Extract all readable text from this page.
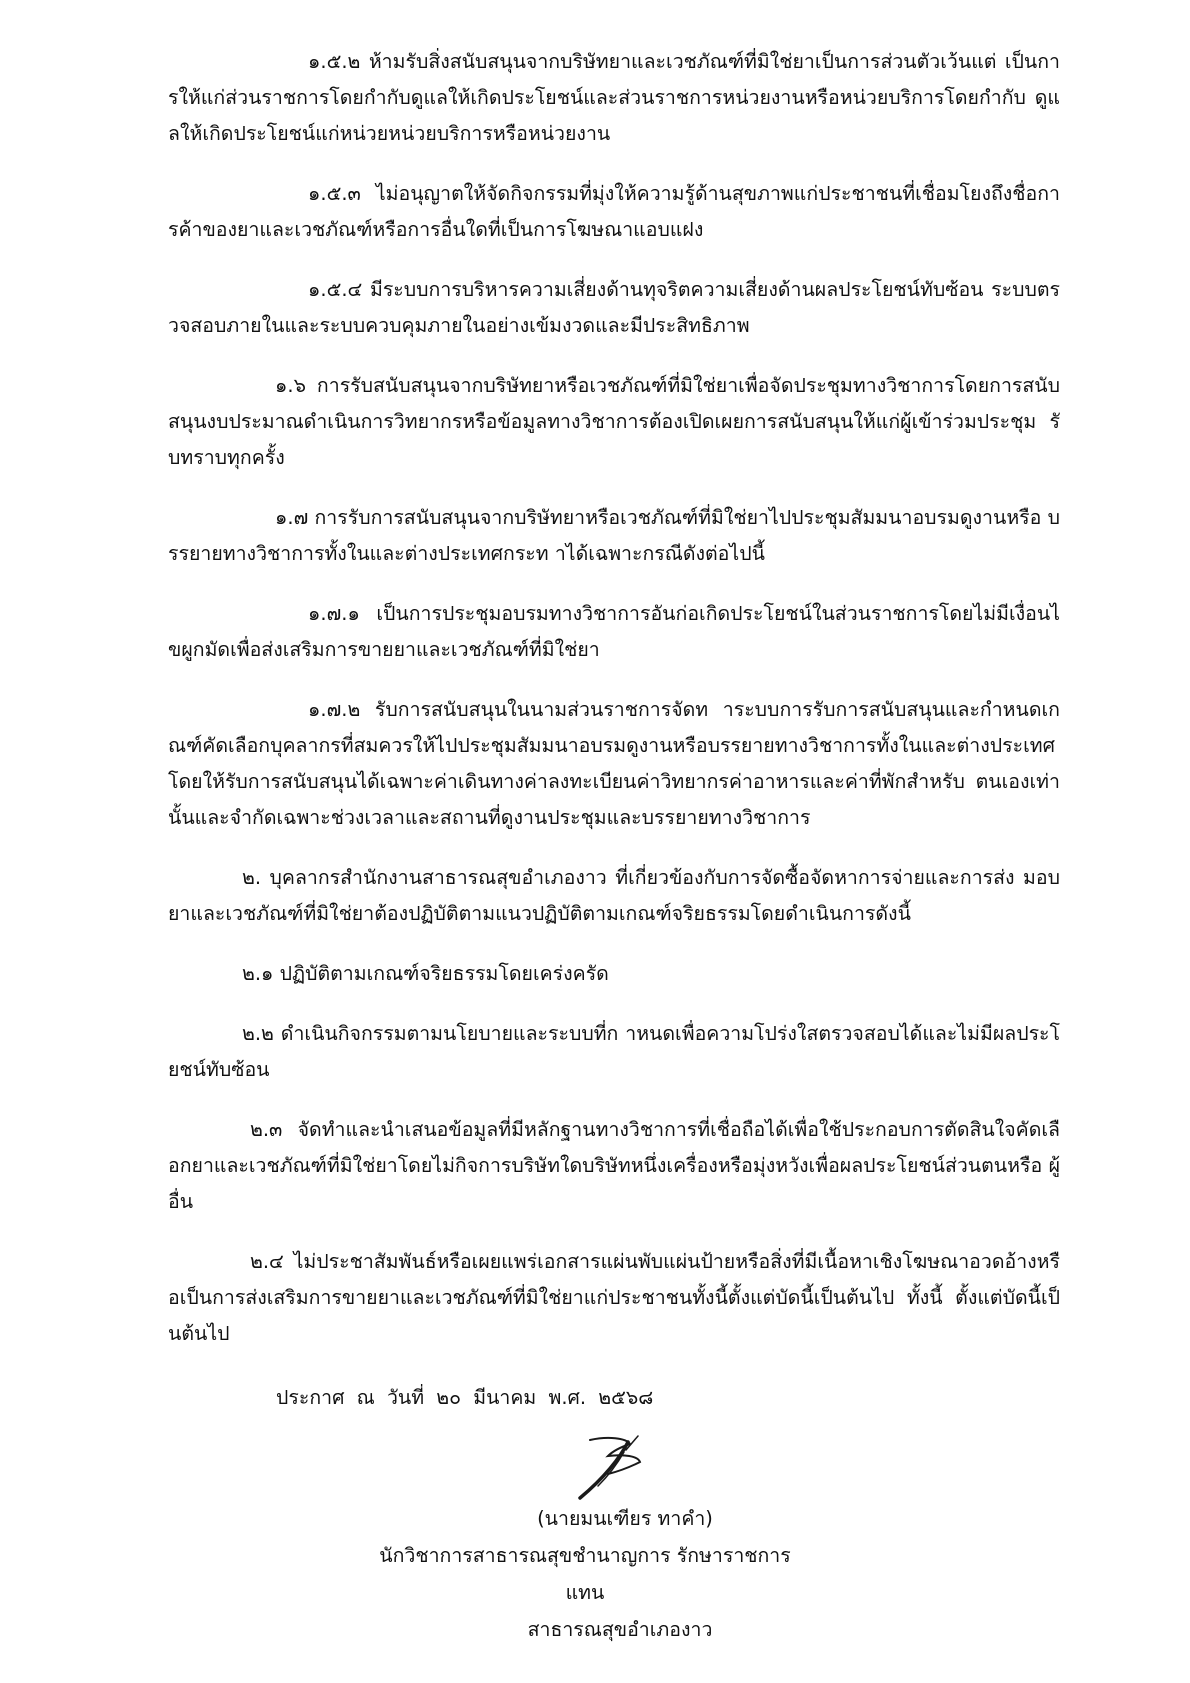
๑.๕.๒ ห้ามรับสิ่งสนับสนุนจากบริษัทยาและเวชภัณฑ์ที่มิใช่ยาเป็นการส่วนตัวเว้นแต่ เป็นการให้แก่ส่วนราชการโดยกำกับดูแลให้เกิดประโยชน์และส่วนราชการหน่วยงานหรือหน่วยบริการโดยกำกับ ดูแลให้เกิดประโยชน์แก่หน่วยหน่วยบริการหรือหน่วยงาน

๑.๕.๓ ไม่อนุญาตให้จัดกิจกรรมที่มุ่งให้ความรู้ด้านสุขภาพแก่ประชาชนที่เชื่อมโยงถึงชื่อการค้าของยาและเวชภัณฑ์หรือการอื่นใดที่เป็นการโฆษณาแอบแฝง

๑.๕.๔ มีระบบการบริหารความเสี่ยงด้านทุจริตความเสี่ยงด้านผลประโยชน์ทับซ้อน ระบบตรวจสอบภายในและระบบควบคุมภายในอย่างเข้มงวดและมีประสิทธิภาพ

๑.๖ การรับสนับสนุนจากบริษัทยาหรือเวชภัณฑ์ที่มิใช่ยาเพื่อจัดประชุมทางวิชาการโดยการสนับสนุนงบประมาณดำเนินการวิทยากรหรือข้อมูลทางวิชาการต้องเปิดเผยการสนับสนุนให้แก่ผู้เข้าร่วมประชุม รับทราบทุกครั้ง

๑.๗ การรับการสนับสนุนจากบริษัทยาหรือเวชภัณฑ์ที่มิใช่ยาไปประชุมสัมมนาอบรมดูงานหรือ บรรยายทางวิชาการทั้งในและต่างประเทศกระท าได้เฉพาะกรณีดังต่อไปนี้

๑.๗.๑ เป็นการประชุมอบรมทางวิชาการอันก่อเกิดประโยชน์ในส่วนราชการโดยไม่มีเงื่อนไขผูกมัดเพื่อส่งเสริมการขายยาและเวชภัณฑ์ที่มิใช่ยา

๑.๗.๒ รับการสนับสนุนในนามส่วนราชการจัดท าระบบการรับการสนับสนุนและกำหนดเกณฑ์คัดเลือกบุคลากรที่สมควรให้ไปประชุมสัมมนาอบรมดูงานหรือบรรยายทางวิชาการทั้งในและต่างประเทศโดยให้รับการสนับสนุนได้เฉพาะค่าเดินทางค่าลงทะเบียนค่าวิทยากรค่าอาหารและค่าที่พักสำหรับ ตนเองเท่านั้นและจำกัดเฉพาะช่วงเวลาและสถานที่ดูงานประชุมและบรรยายทางวิชาการ

๒. บุคลากรสำนักงานสาธารณสุขอำเภองาว ที่เกี่ยวข้องกับการจัดซื้อจัดหาการจ่ายและการส่ง มอบยาและเวชภัณฑ์ที่มิใช่ยาต้องปฏิบัติตามแนวปฏิบัติตามเกณฑ์จริยธรรมโดยดำเนินการดังนี้

๒.๑ ปฏิบัติตามเกณฑ์จริยธรรมโดยเคร่งครัด

๒.๒ ดำเนินกิจกรรมตามนโยบายและระบบที่ก าหนดเพื่อความโปร่งใสตรวจสอบได้และไม่มีผลประโยชน์ทับซ้อน

๒.๓ จัดทำและนำเสนอข้อมูลที่มีหลักฐานทางวิชาการที่เชื่อถือได้เพื่อใช้ประกอบการตัดสินใจคัดเลือกยาและเวชภัณฑ์ที่มิใช่ยาโดยไม่กิจการบริษัทใดบริษัทหนึ่งเครื่องหรือมุ่งหวังเพื่อผลประโยชน์ส่วนตนหรือ ผู้อื่น

๒.๔ ไม่ประชาสัมพันธ์หรือเผยแพร่เอกสารแผ่นพับแผ่นป้ายหรือสิ่งที่มีเนื้อหาเชิงโฆษณาอวดอ้างหรือเป็นการส่งเสริมการขายยาและเวชภัณฑ์ที่มิใช่ยาแก่ประชาชนทั้งนี้ตั้งแต่บัดนี้เป็นต้นไป ทั้งนี้ ตั้งแต่บัดนี้เป็นต้นไป

ประกาศ ณ วันที่ ๒๐ มีนาคม พ.ศ. ๒๕๖๘
(นายมนเฑียร ทาคำ)
นักวิชาการสาธารณสุขชำนาญการ รักษาราชการแทน
สาธารณสุขอำเภองาว
